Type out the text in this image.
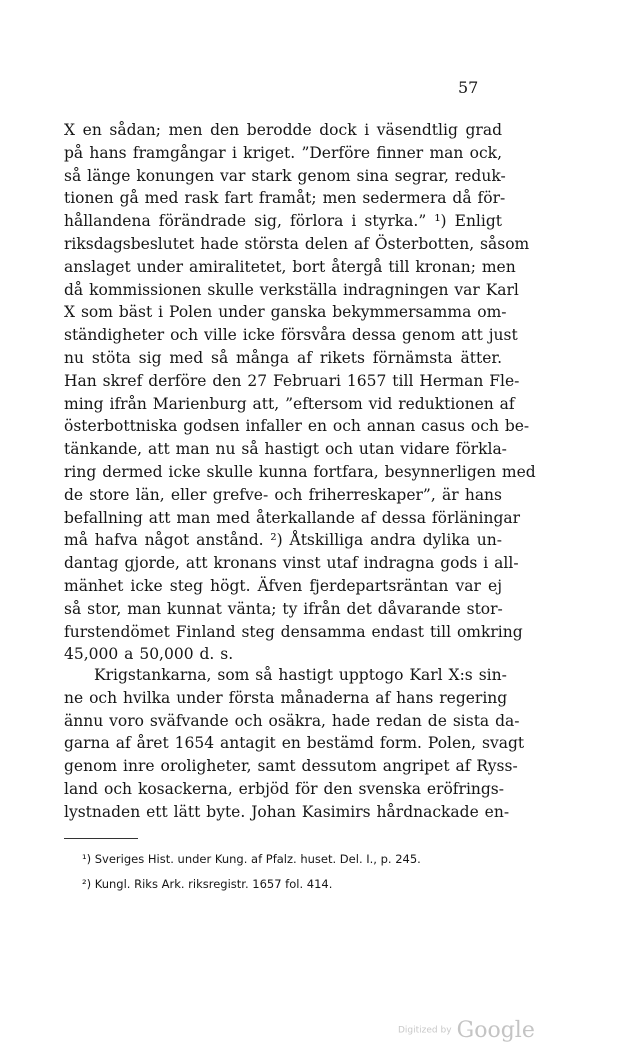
57
X en sådan; men den berodde dock i väsendtlig grad
på hans framgångar i kriget. ”Derföre finner man ock,
så länge konungen var stark genom sina segrar, reduk-
tionen gå med rask fart framåt; men sedermera då för-
hållandena förändrade sig, förlora i styrka.” ¹) Enligt
riksdagsbeslutet hade största delen af Österbotten, såsom
anslaget under amiralitetet, bort återgå till kronan; men
då kommissionen skulle verkställa indragningen var Karl
X som bäst i Polen under ganska bekymmersamma om-
ständigheter och ville icke försvåra dessa genom att just
nu stöta sig med så många af rikets förnämsta ätter.
Han skref derföre den 27 Februari 1657 till Herman Fle-
ming ifrån Marienburg att, ”eftersom vid reduktionen af
österbottniska godsen infaller en och annan casus och be-
tänkande, att man nu så hastigt och utan vidare förkla-
ring dermed icke skulle kunna fortfara, besynnerligen med
de store län, eller grefve- och friherreskaper”, är hans
befallning att man med återkallande af dessa förläningar
må hafva något anstånd. ²) Åtskilliga andra dylika un-
dantag gjorde, att kronans vinst utaf indragna gods i all-
mänhet icke steg högt. Äfven fjerdepartsräntan var ej
så stor, man kunnat vänta; ty ifrån det dåvarande stor-
furstendömet Finland steg densamma endast till omkring
45,000 a 50,000 d. s.
Krigstankarna, som så hastigt upptogo Karl X:s sin-
ne och hvilka under första månaderna af hans regering
ännu voro sväfvande och osäkra, hade redan de sista da-
garna af året 1654 antagit en bestämd form. Polen, svagt
genom inre oroligheter, samt dessutom angripet af Ryss-
land och kosackerna, erbjöd för den svenska eröfrings-
lystnaden ett lätt byte. Johan Kasimirs hårdnackade en-
¹) Sveriges Hist. under Kung. af Pfalz. huset. Del. I., p. 245.
²) Kungl. Riks Ark. riksregistr. 1657 fol. 414.
Digitized by Google
